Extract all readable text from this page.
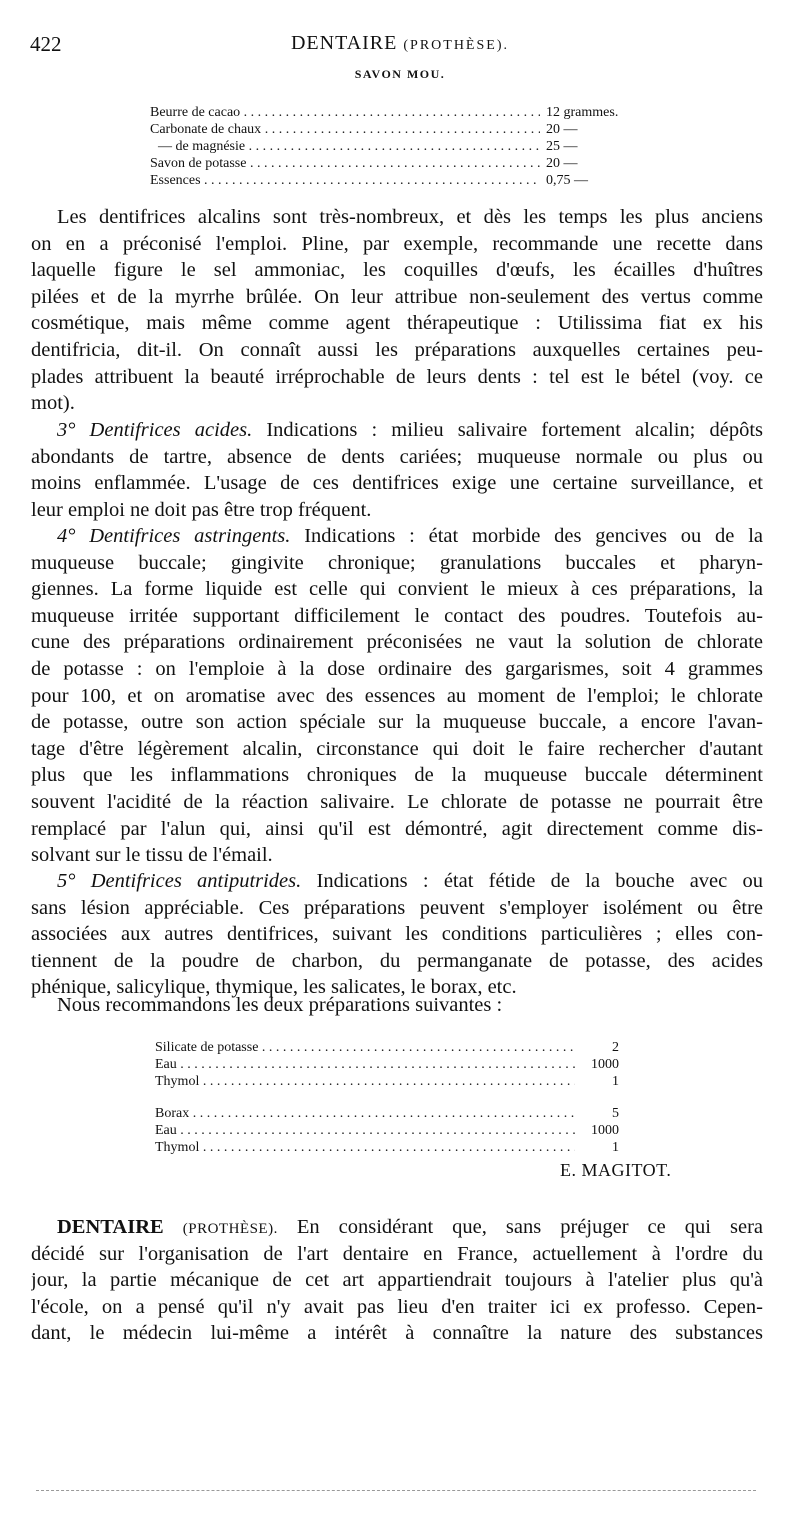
422	DENTAIRE (PROTHÈSE).
SAVON MOU.
Beurre de cacao . . .	12 grammes.
Carbonate de chaux . . .	20 —
— de magnésie . . .	25 —
Savon de potasse . . .	20 —
Essences . . .	0,75 —
Les dentifrices alcalins sont très-nombreux, et dès les temps les plus anciens
on en a préconisé l'emploi. Pline, par exemple, recommande une recette dans
laquelle figure le sel ammoniac, les coquilles d'œufs, les écailles d'huîtres
pilées et de la myrrhe brûlée. On leur attribue non-seulement des vertus comme
cosmétique, mais même comme agent thérapeutique : Utilissima fiat ex his
dentifricia, dit-il. On connaît aussi les préparations auxquelles certaines peu-
plades attribuent la beauté irréprochable de leurs dents : tel est le bétel (voy. ce
mot).
3° Dentifrices acides. Indications : milieu salivaire fortement alcalin; dépôts
abondants de tartre, absence de dents cariées; muqueuse normale ou plus ou
moins enflammée. L'usage de ces dentifrices exige une certaine surveillance, et
leur emploi ne doit pas être trop fréquent.
4° Dentifrices astringents. Indications : état morbide des gencives ou de la
muqueuse buccale; gingivite chronique; granulations buccales et pharyn-
giennes. La forme liquide est celle qui convient le mieux à ces préparations, la
muqueuse irritée supportant difficilement le contact des poudres. Toutefois au-
cune des préparations ordinairement préconisées ne vaut la solution de chlorate
de potasse : on l'emploie à la dose ordinaire des gargarismes, soit 4 grammes
pour 100, et on aromatise avec des essences au moment de l'emploi; le chlorate
de potasse, outre son action spéciale sur la muqueuse buccale, a encore l'avan-
tage d'être légèrement alcalin, circonstance qui doit le faire rechercher d'autant
plus que les inflammations chroniques de la muqueuse buccale déterminent
souvent l'acidité de la réaction salivaire. Le chlorate de potasse ne pourrait être
remplacé par l'alun qui, ainsi qu'il est démontré, agit directement comme dis-
solvant sur le tissu de l'émail.
5° Dentifrices antiputrides. Indications : état fétide de la bouche avec ou
sans lésion appréciable. Ces préparations peuvent s'employer isolément ou être
associées aux autres dentifrices, suivant les conditions particulières ; elles con-
tiennent de la poudre de charbon, du permanganate de potasse, des acides
phénique, salicylique, thymique, les salicates, le borax, etc.
Nous recommandons les deux préparations suivantes :
Silicate de potasse . . .	2
Eau . . .	1000
Thymol . . .	1
Borax . . .	5
Eau . . .	1000
Thymol . . .	1
E. MAGITOT.
DENTAIRE (PROTHÈSE). En considérant que, sans préjuger ce qui sera
décidé sur l'organisation de l'art dentaire en France, actuellement à l'ordre du
jour, la partie mécanique de cet art appartiendrait toujours à l'atelier plus qu'à
l'école, on a pensé qu'il n'y avait pas lieu d'en traiter ici ex professo. Cepen-
dant, le médecin lui-même a intérêt à connaître la nature des substances
